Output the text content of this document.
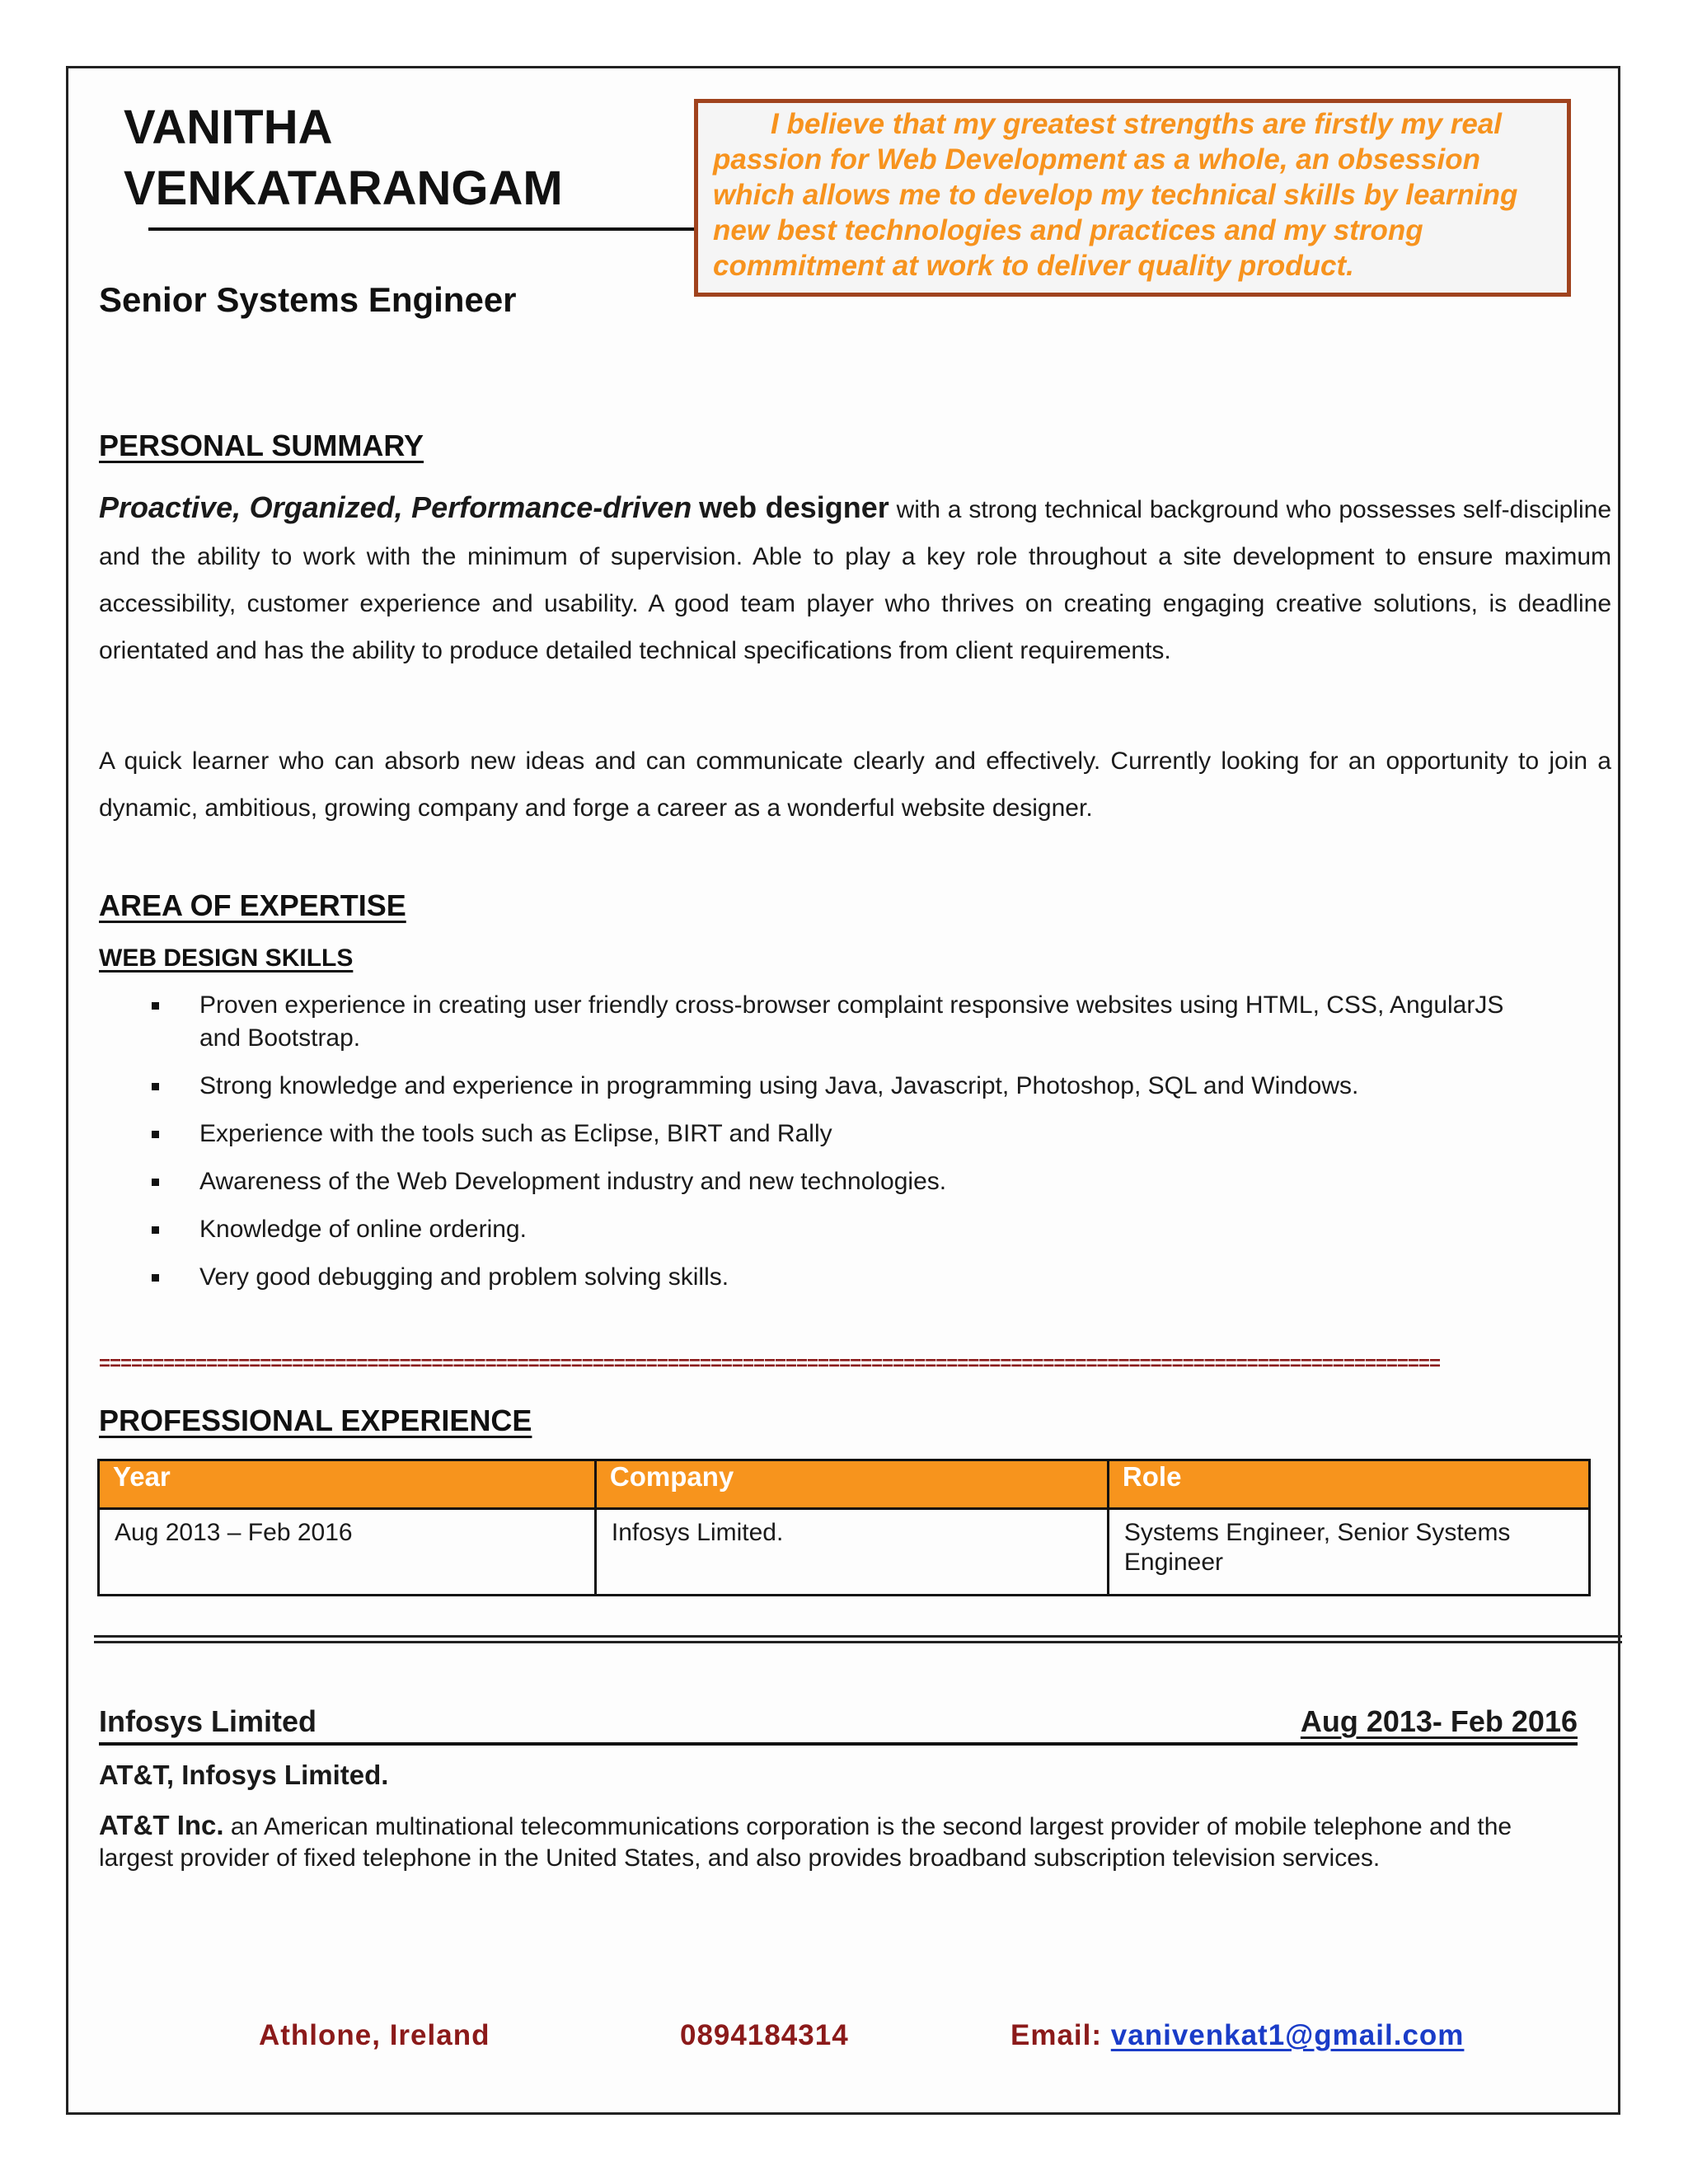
VANITHA
VENKATARANGAM
Senior Systems Engineer
I believe that my greatest strengths are firstly my real passion for Web Development as a whole, an obsession which allows me to develop my technical skills by learning new best technologies and practices and my strong commitment at work to deliver quality product.
PERSONAL SUMMARY
Proactive, Organized, Performance-driven web designer with a strong technical background who possesses self-discipline and the ability to work with the minimum of supervision. Able to play a key role throughout a site development to ensure maximum accessibility, customer experience and usability. A good team player who thrives on creating engaging creative solutions, is deadline orientated and has the ability to produce detailed technical specifications from client requirements.
A quick learner who can absorb new ideas and can communicate clearly and effectively. Currently looking for an opportunity to join a dynamic, ambitious, growing company and forge a career as a wonderful website designer.
AREA OF EXPERTISE
WEB DESIGN SKILLS
Proven experience in creating user friendly cross-browser complaint responsive websites using HTML, CSS, AngularJS and Bootstrap.
Strong knowledge and experience in programming using Java, Javascript, Photoshop, SQL and Windows.
Experience with the tools such as Eclipse, BIRT and Rally
Awareness of the Web Development industry and new technologies.
Knowledge of online ordering.
Very good debugging and problem solving skills.
=============================================================================================================================
PROFESSIONAL EXPERIENCE
Year	Company	Role
Aug 2013 – Feb 2016	Infosys Limited.	Systems Engineer, Senior Systems Engineer
Infosys Limited	Aug 2013- Feb 2016
AT&T, Infosys Limited.
AT&T Inc. an American multinational telecommunications corporation is the second largest provider of mobile telephone and the largest provider of fixed telephone in the United States, and also provides broadband subscription television services.
Athlone, Ireland	0894184314	Email: vanivenkat1@gmail.com
